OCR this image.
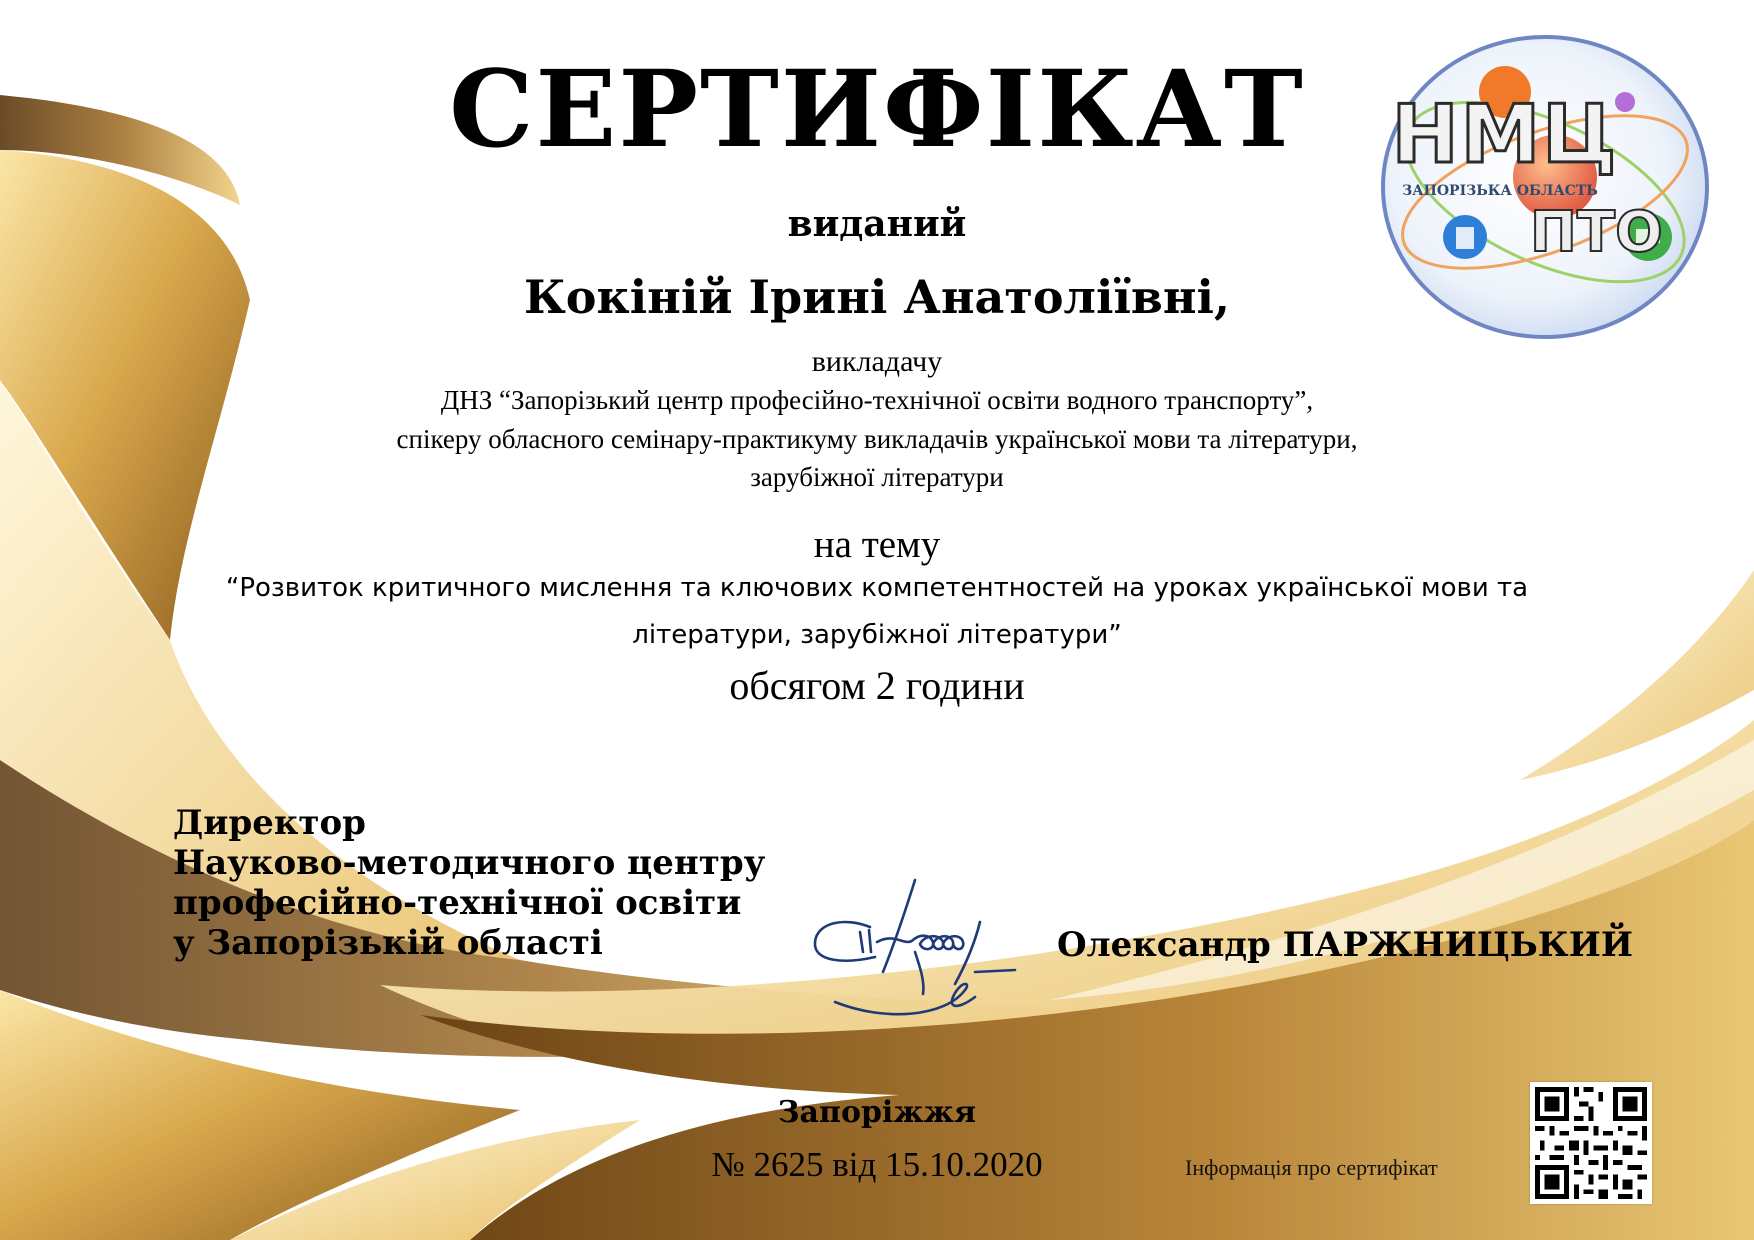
НМЦ
ЗАПОРІЗЬКА ОБЛАСТЬ
ПТО
СЕРТИФІКАТ
виданий
Кокіній Ірині Анатоліївні,
викладачу
ДНЗ “Запорізький центр професійно-технічної освіти водного транспорту”,
спікеру обласного семінару-практикуму викладачів української мови та літератури,
зарубіжної літератури
на тему
“Розвиток критичного мислення та ключових компетентностей на уроках української мови та
літератури, зарубіжної літератури”
обсягом 2 години
Директор
Науково-методичного центру
професійно-технічної освіти
у Запорізькій області	Олександр ПАРЖНИЦЬКИЙ
Запоріжжя
№ 2625 від 15.10.2020	Інформація про сертифікат
